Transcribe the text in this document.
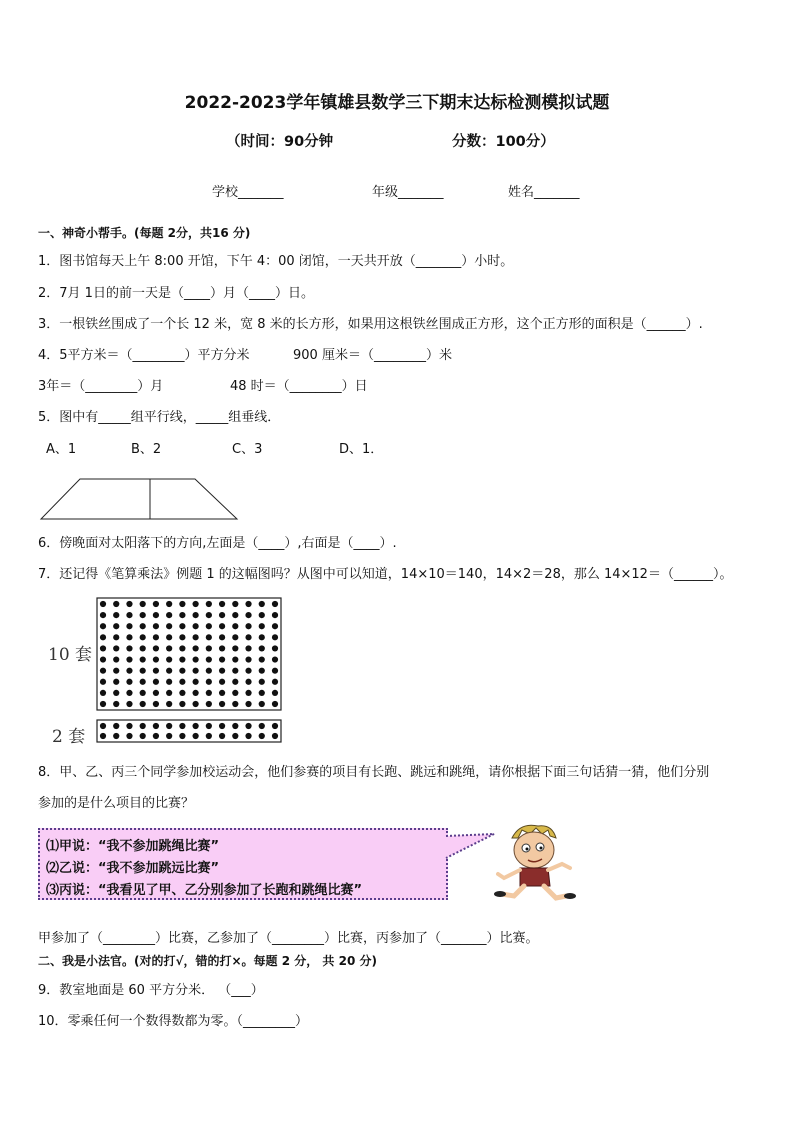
2022-2023学年镇雄县数学三下期末达标检测模拟试题
（时间：90分钟	分数：100分）
学校_______	年级_______	姓名_______
一、神奇小帮手。(每题 2分，共16 分)
1．图书馆每天上午 8:00 开馆，下午 4：00 闭馆，一天共开放（_______）小时。
2．7月 1日的前一天是（____）月（____）日。
3．一根铁丝围成了一个长 12 米，宽 8 米的长方形，如果用这根铁丝围成正方形，这个正方形的面积是（______）.
4．5平方米＝（________）平方分米	900 厘米＝（________）米
3年＝（________）月	48 时＝（________）日
5．图中有_____组平行线，_____组垂线．
A、1	B、2	C、3	D、1．
6．傍晚面对太阳落下的方向,左面是（____）,右面是（____）.
7．还记得《笔算乘法》例题 1 的这幅图吗？从图中可以知道，14×10＝140，14×2＝28，那么 14×12＝（______）。
10 套
2 套
8．甲、乙、丙三个同学参加校运动会，他们参赛的项目有长跑、跳远和跳绳，请你根据下面三句话猜一猜，他们分别
参加的是什么项目的比赛？
⑴甲说：“我不参加跳绳比赛”
⑵乙说：“我不参加跳远比赛”
⑶丙说：“我看见了甲、乙分别参加了长跑和跳绳比赛”
甲参加了（________）比赛，乙参加了（________）比赛，丙参加了（_______）比赛。
二、我是小法官。(对的打√，错的打×。每题 2 分， 共 20 分)
9．教室地面是 60 平方分米． （___）
10．零乘任何一个数得数都为零。（________）
